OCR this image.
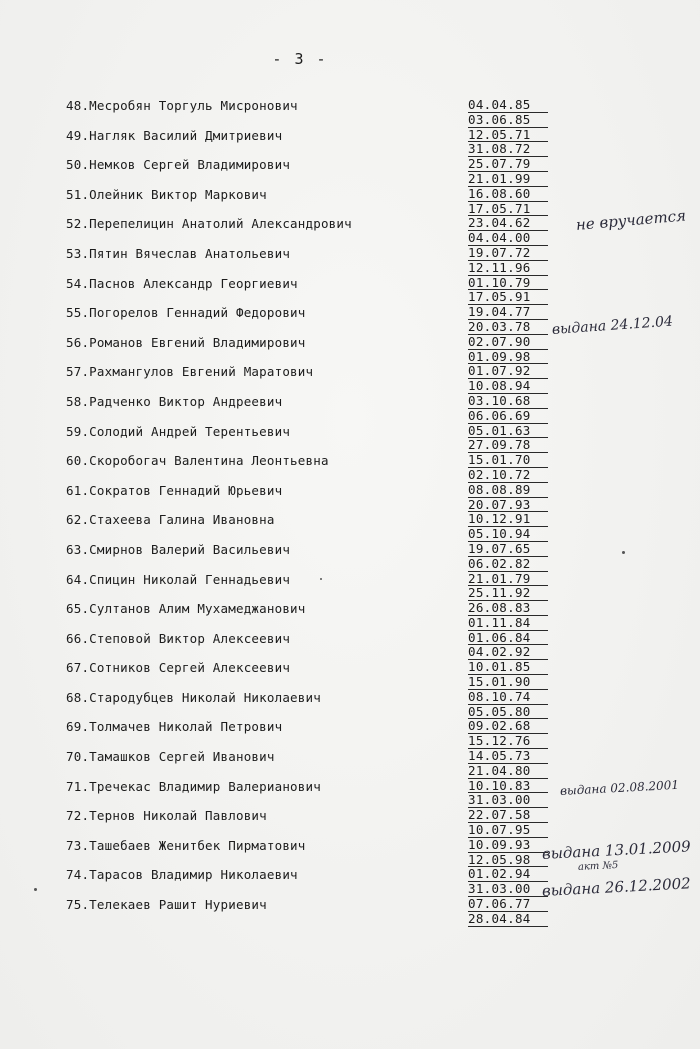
- 3 -
48.Месробян Торгуль Мисронович
49.Нагляк Василий Дмитриевич
50.Немков Сергей Владимирович
51.Олейник Виктор Маркович
52.Перепелицин Анатолий Александрович
53.Пятин Вячеслав Анатольевич
54.Паснов Александр Георгиевич
55.Погорелов Геннадий Федорович
56.Романов Евгений Владимирович
57.Рахмангулов Евгений Маратович
58.Радченко Виктор Андреевич
59.Солодий Андрей Терентьевич
60.Скоробогач Валентина Леонтьевна
61.Сократов Геннадий Юрьевич
62.Стахеева Галина Ивановна
63.Смирнов Валерий Васильевич
64.Спицин Николай Геннадьевич
65.Султанов Алим Мухамеджанович
66.Степовой Виктор Алексеевич
67.Сотников Сергей Алексеевич
68.Стародубцев Николай Николаевич
69.Толмачев Николай Петрович
70.Тамашков Сергей Иванович
71.Тречекас Владимир Валерианович
72.Тернов Николай Павлович
73.Ташебаев Женитбек Пирматович
74.Тарасов Владимир Николаевич
75.Телекаев Рашит Нуриевич
04.04.85
03.06.85
12.05.71
31.08.72
25.07.79
21.01.99
16.08.60
17.05.71
23.04.62
04.04.00
19.07.72
12.11.96
01.10.79
17.05.91
19.04.77
20.03.78
02.07.90
01.09.98
01.07.92
10.08.94
03.10.68
06.06.69
05.01.63
27.09.78
15.01.70
02.10.72
08.08.89
20.07.93
10.12.91
05.10.94
19.07.65
06.02.82
21.01.79
25.11.92
26.08.83
01.11.84
01.06.84
04.02.92
10.01.85
15.01.90
08.10.74
05.05.80
09.02.68
15.12.76
14.05.73
21.04.80
10.10.83
31.03.00
22.07.58
10.07.95
10.09.93
12.05.98
01.02.94
31.03.00
07.06.77
28.04.84
не вручается
выдана 24.12.04
выдана 02.08.2001
выдана 13.01.2009
акт №5
выдана 26.12.2002
